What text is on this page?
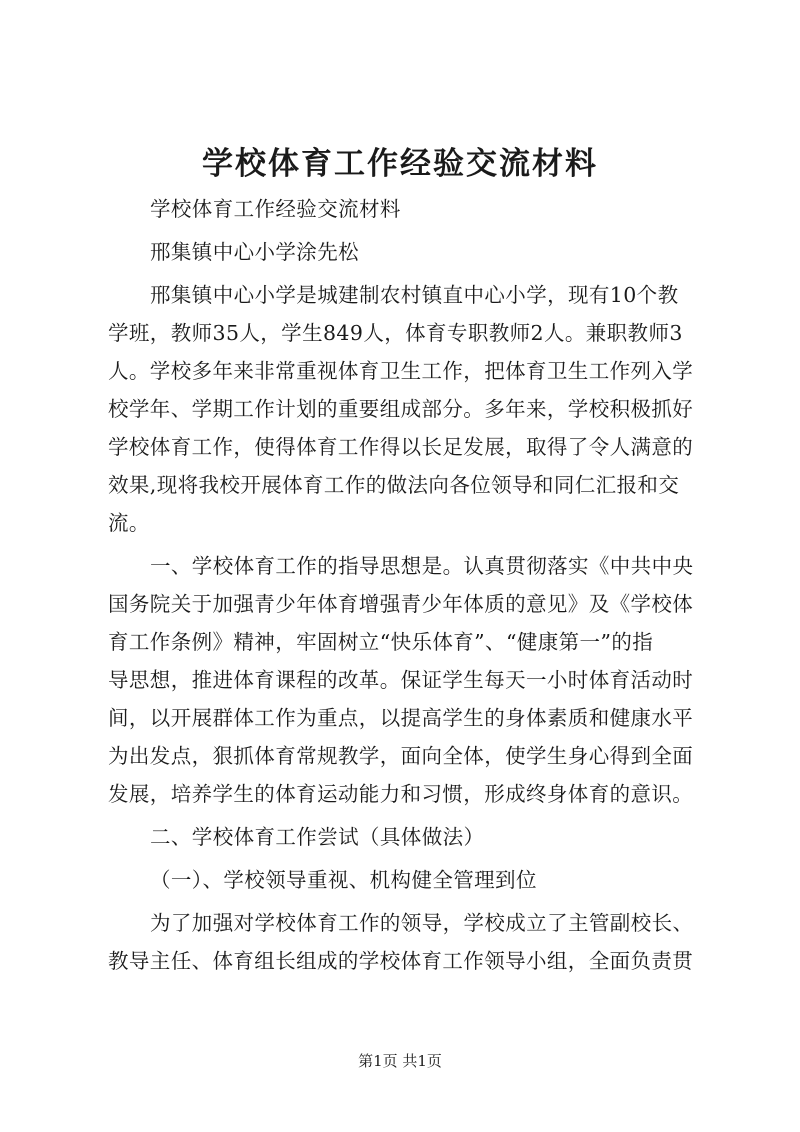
学校体育工作经验交流材料
学校体育工作经验交流材料
邢集镇中心小学涂先松
邢集镇中心小学是城建制农村镇直中心小学，现有10个教
学班，教师35人，学生849人，体育专职教师2人。兼职教师3
人。学校多年来非常重视体育卫生工作，把体育卫生工作列入学
校学年、学期工作计划的重要组成部分。多年来，学校积极抓好
学校体育工作，使得体育工作得以长足发展，取得了令人满意的
效果,现将我校开展体育工作的做法向各位领导和同仁汇报和交
流。
一、学校体育工作的指导思想是。认真贯彻落实《中共中央
国务院关于加强青少年体育增强青少年体质的意见》及《学校体
育工作条例》精神，牢固树立“快乐体育”、“健康第一”的指
导思想，推进体育课程的改革。保证学生每天一小时体育活动时
间，以开展群体工作为重点，以提高学生的身体素质和健康水平
为出发点，狠抓体育常规教学，面向全体，使学生身心得到全面
发展，培养学生的体育运动能力和习惯，形成终身体育的意识。
二、学校体育工作尝试（具体做法）
（一）、学校领导重视、机构健全管理到位
为了加强对学校体育工作的领导，学校成立了主管副校长、
教导主任、体育组长组成的学校体育工作领导小组，全面负责贯
第1页 共1页
